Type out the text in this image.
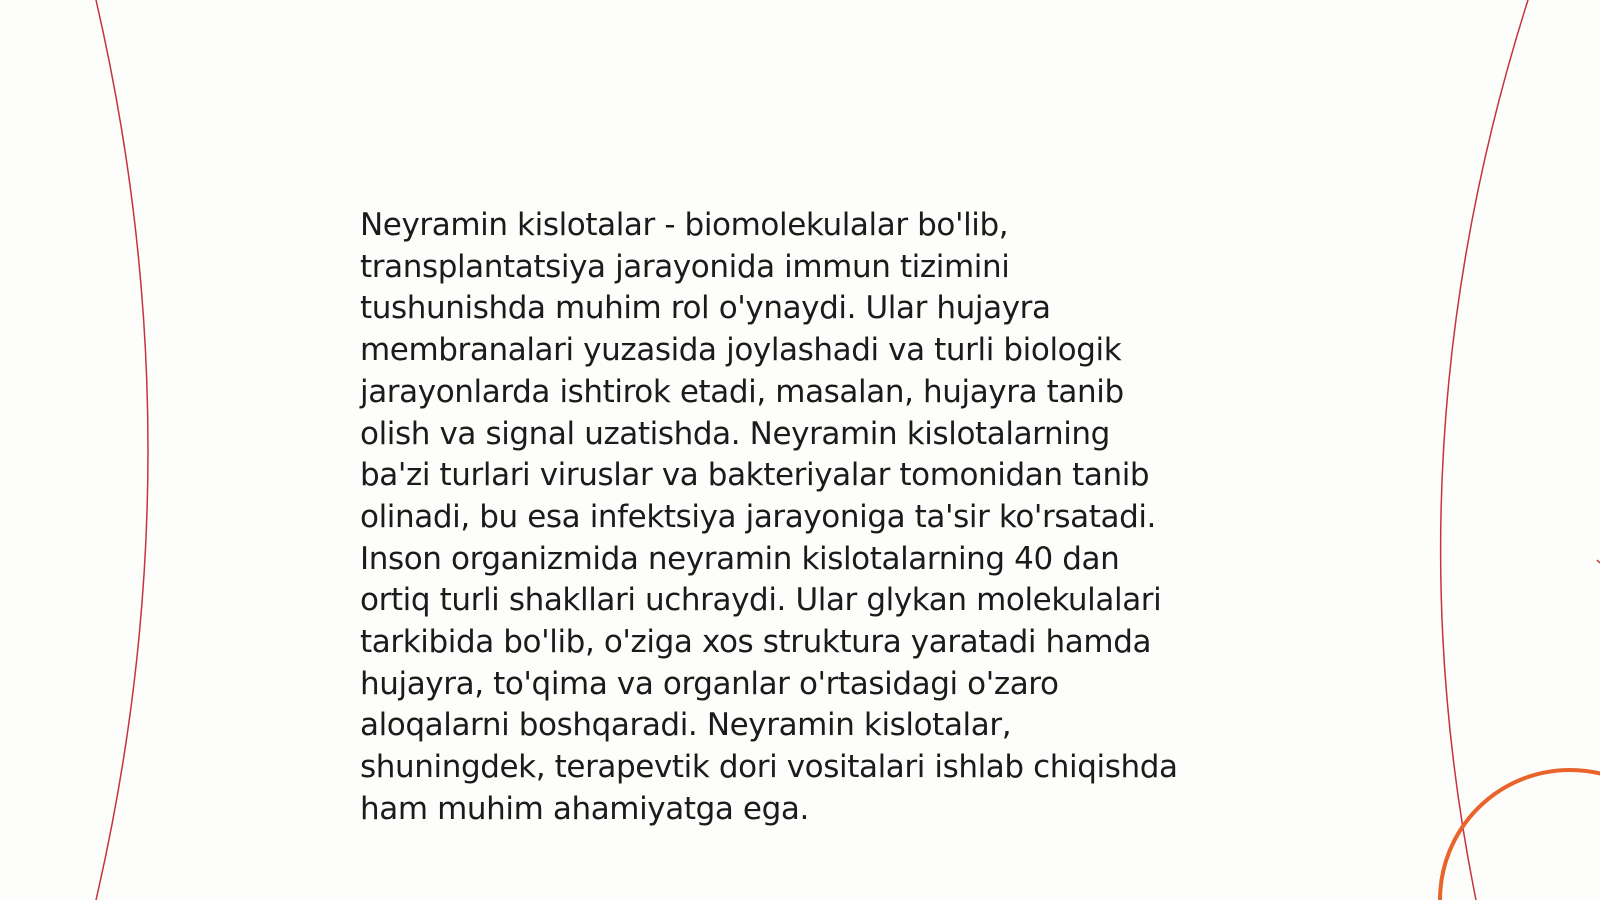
Neyramin kislotalar - biomolekulalar bo'lib,
transplantatsiya jarayonida immun tizimini
tushunishda muhim rol o'ynaydi. Ular hujayra
membranalari yuzasida joylashadi va turli biologik
jarayonlarda ishtirok etadi, masalan, hujayra tanib
olish va signal uzatishda. Neyramin kislotalarning
ba'zi turlari viruslar va bakteriyalar tomonidan tanib
olinadi, bu esa infektsiya jarayoniga ta'sir ko'rsatadi.
Inson organizmida neyramin kislotalarning 40 dan
ortiq turli shakllari uchraydi. Ular glykan molekulalari
tarkibida bo'lib, o'ziga xos struktura yaratadi hamda
hujayra, to'qima va organlar o'rtasidagi o'zaro
aloqalarni boshqaradi. Neyramin kislotalar,
shuningdek, terapevtik dori vositalari ishlab chiqishda
ham muhim ahamiyatga ega.
